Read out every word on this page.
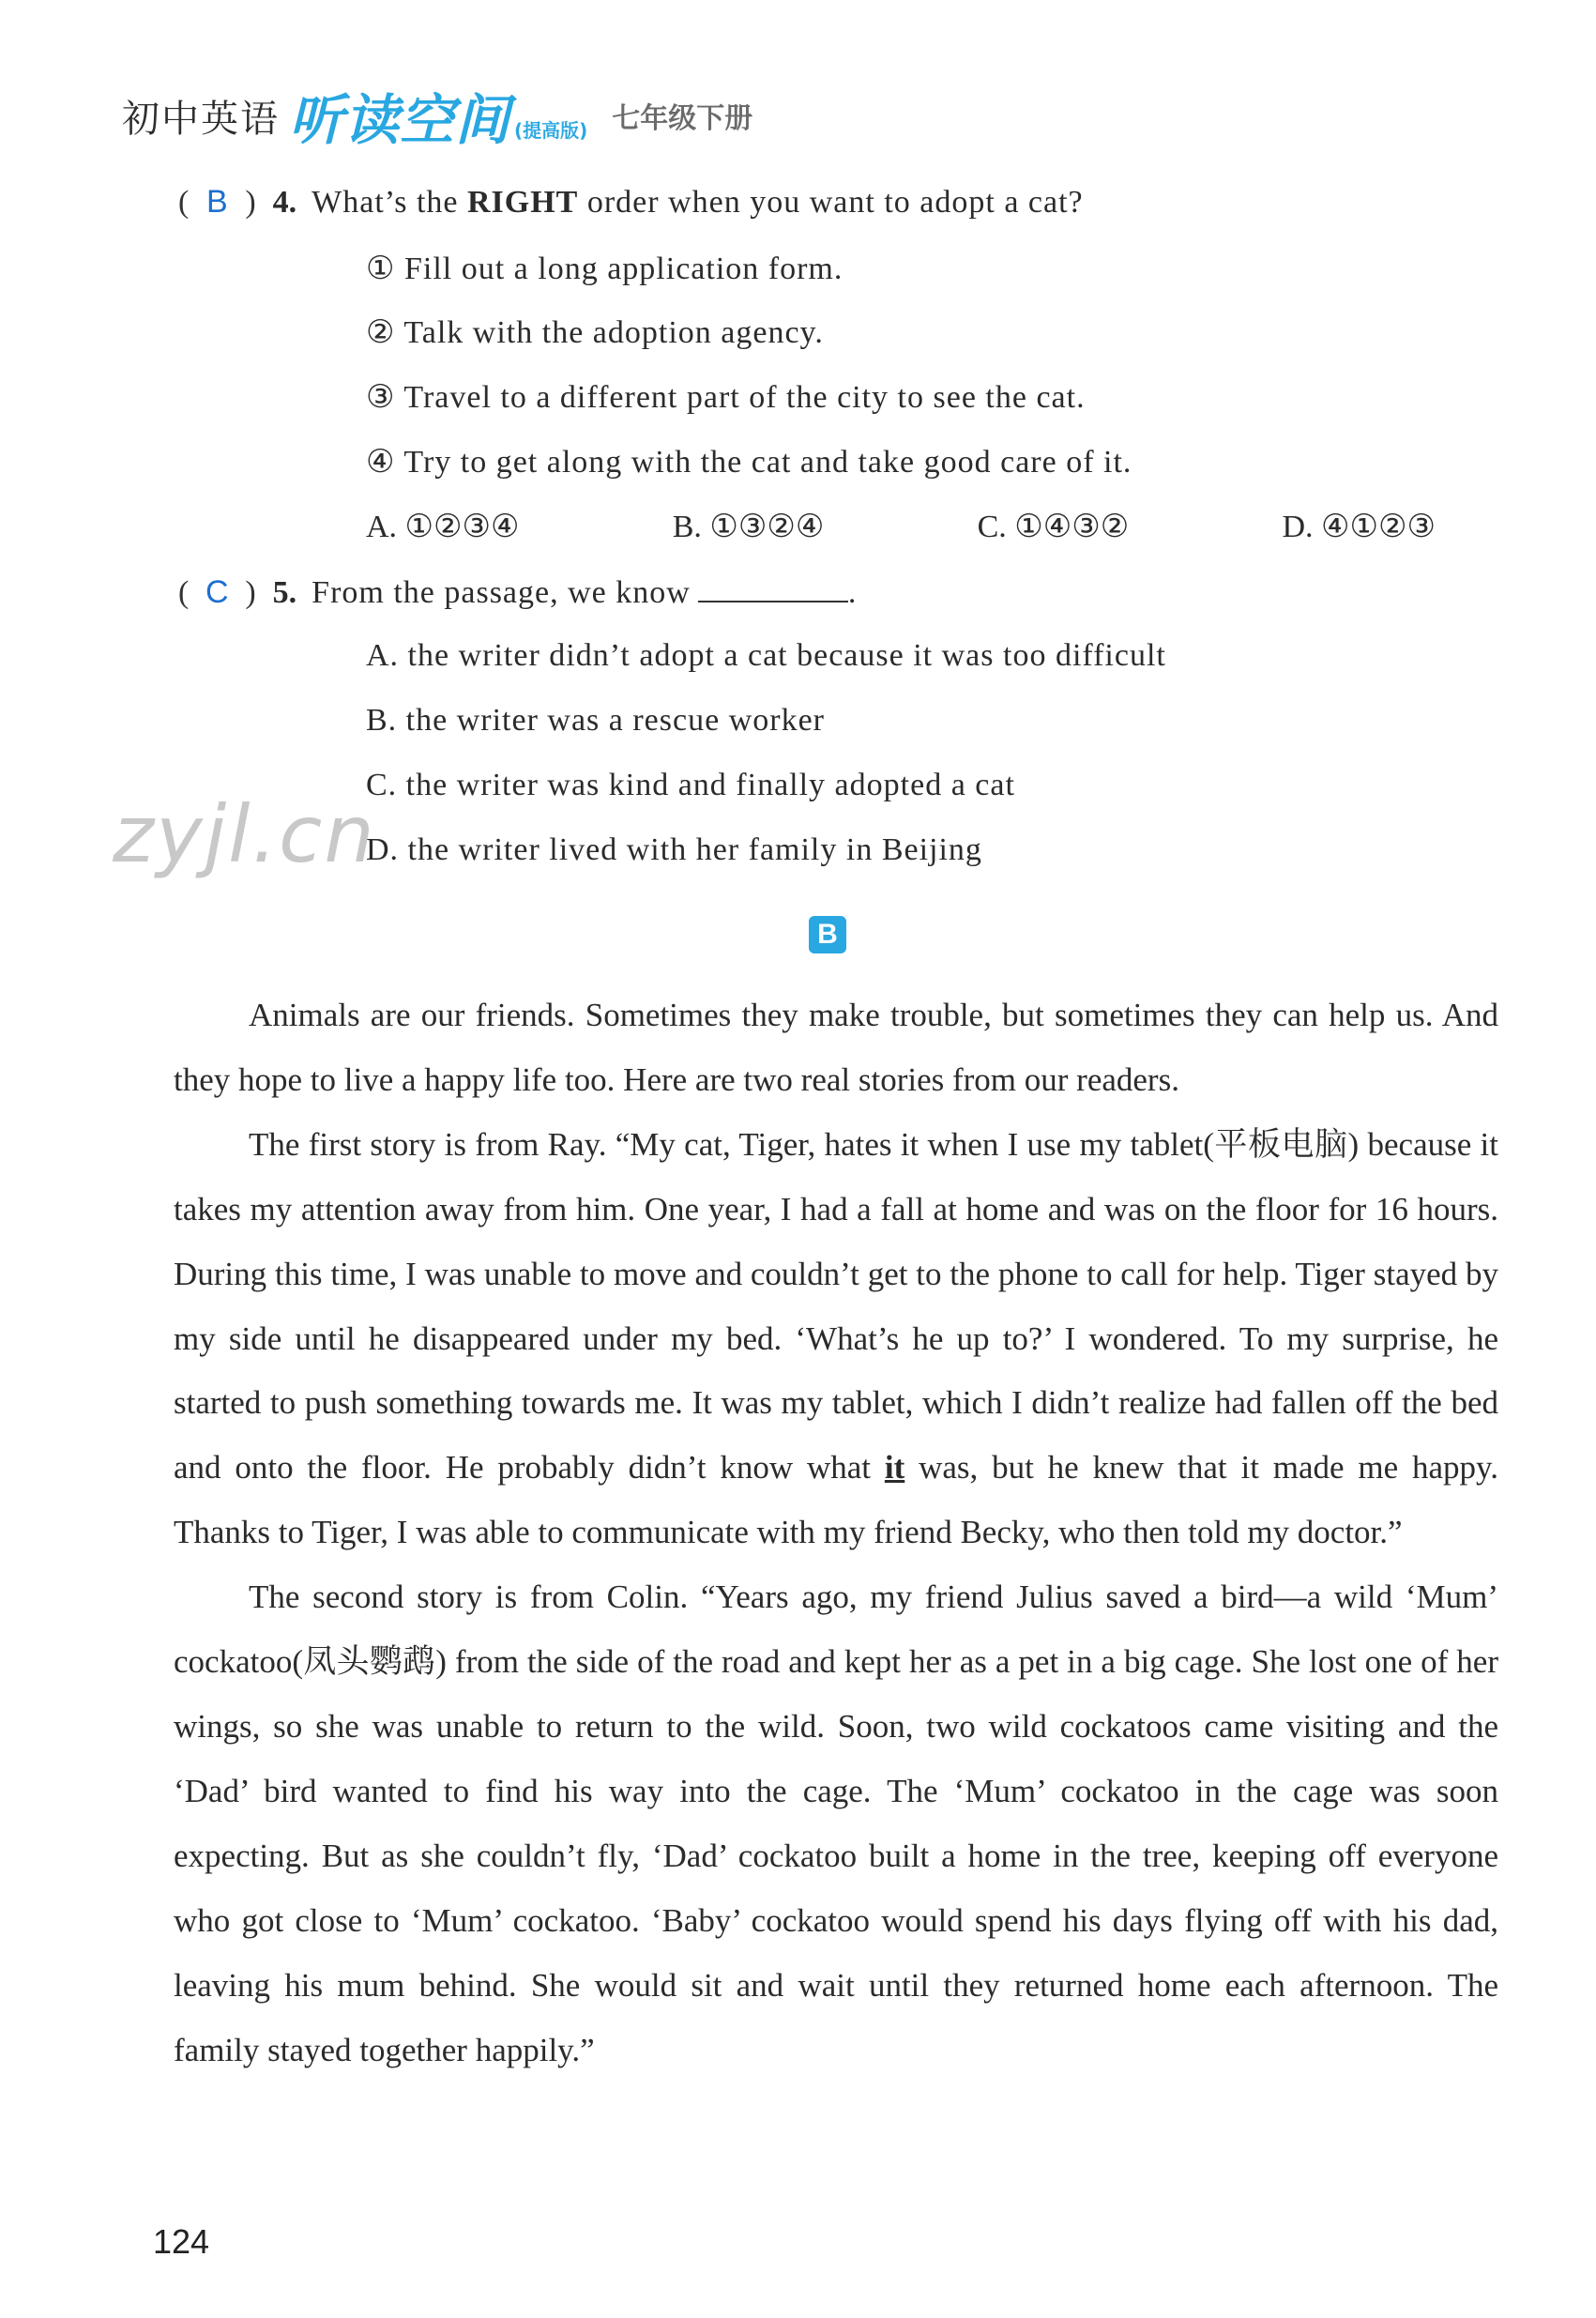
初中英语 听读空间 (提高版) 七年级下册
( B ) 4. What’s the RIGHT order when you want to adopt a cat?
① Fill out a long application form.
② Talk with the adoption agency.
③ Travel to a different part of the city to see the cat.
④ Try to get along with the cat and take good care of it.
A. ①②③④	B. ①③②④	C. ①④③②	D. ④①②③
( C ) 5. From the passage, we know	.
A. the writer didn’t adopt a cat because it was too difficult
B. the writer was a rescue worker
C. the writer was kind and finally adopted a cat
D. the writer lived with her family in Beijing
zyjl.cn
B

Animals are our friends. Sometimes they make trouble, but sometimes they can help us. And they hope to live a happy life too. Here are two real stories from our readers.

The first story is from Ray. “My cat, Tiger, hates it when I use my tablet(平板电脑) because it takes my attention away from him. One year, I had a fall at home and was on the floor for 16 hours. During this time, I was unable to move and couldn’t get to the phone to call for help. Tiger stayed by my side until he disappeared under my bed. ‘What’s he up to?’ I wondered. To my surprise, he started to push something towards me. It was my tablet, which I didn’t realize had fallen off the bed and onto the floor. He probably didn’t know what it was, but he knew that it made me happy. Thanks to Tiger, I was able to communicate with my friend Becky, who then told my doctor.”

The second story is from Colin. “Years ago, my friend Julius saved a bird—a wild ‘Mum’ cockatoo(凤头鹦鹉) from the side of the road and kept her as a pet in a big cage. She lost one of her wings, so she was unable to return to the wild. Soon, two wild cockatoos came visiting and the ‘Dad’ bird wanted to find his way into the cage. The ‘Mum’ cockatoo in the cage was soon expecting. But as she couldn’t fly, ‘Dad’ cockatoo built a home in the tree, keeping off everyone who got close to ‘Mum’ cockatoo. ‘Baby’ cockatoo would spend his days flying off with his dad, leaving his mum behind. She would sit and wait until they returned home each afternoon. The family stayed together happily.”

124
